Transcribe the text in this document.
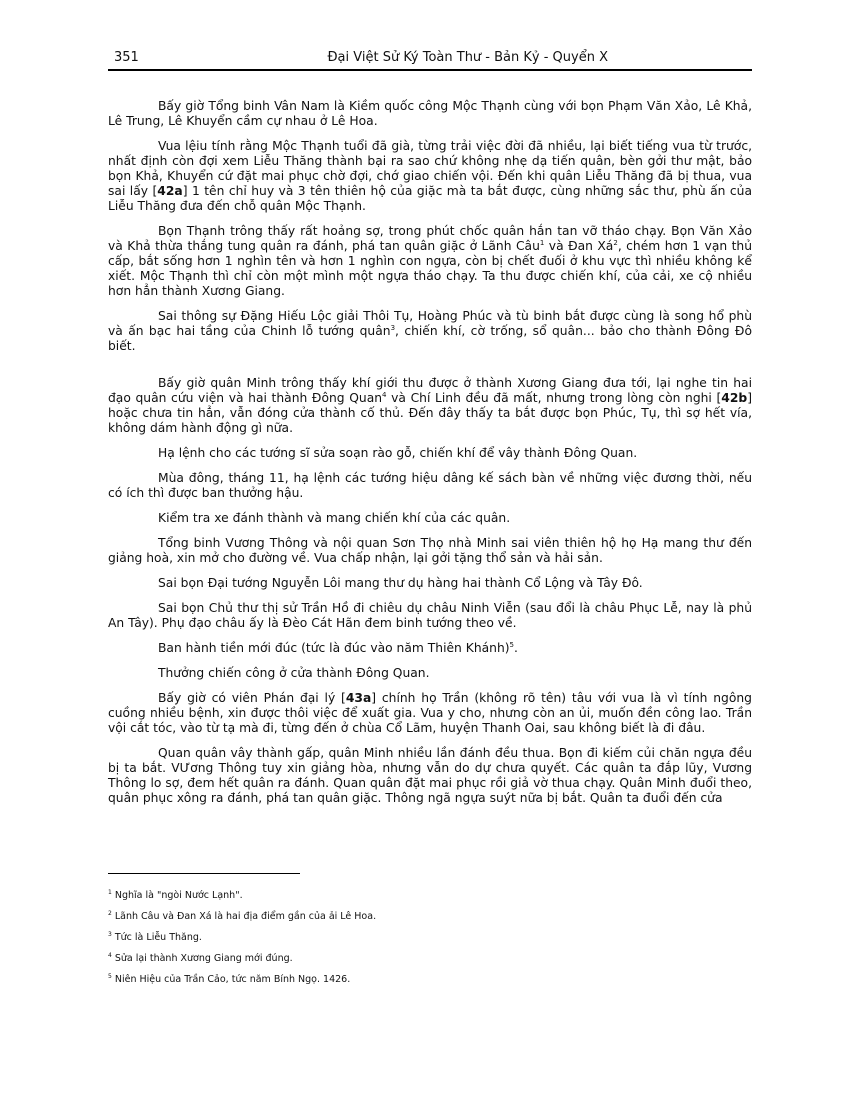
351	Đại Việt Sử Ký Toàn Thư - Bản Kỷ - Quyển X

Bấy giờ Tổng binh Vân Nam là Kiềm quốc công Mộc Thạnh cùng với bọn Phạm Văn Xảo, Lê Khả, Lê Trung, Lê Khuyển cầm cự nhau ở Lê Hoa.

Vua lệiu tính rằng Mộc Thạnh tuổi đã già, từng trải việc đời đã nhiều, lại biết tiếng vua từ trước, nhất định còn đợi xem Liễu Thăng thành bại ra sao chứ không nhẹ dạ tiến quân, bèn gởi thư mật, bảo bọn Khả, Khuyển cứ đặt mai phục chờ đợi, chớ giao chiến vội. Đến khi quân Liễu Thăng đã bị thua, vua sai lấy [42a] 1 tên chỉ huy và 3 tên thiên hộ của giặc mà ta bắt được, cùng những sắc thư, phù ấn của Liễu Thăng đưa đến chỗ quân Mộc Thạnh.

Bọn Thạnh trông thấy rất hoảng sợ, trong phút chốc quân hắn tan vỡ tháo chạy. Bọn Văn Xảo và Khả thừa thắng tung quân ra đánh, phá tan quân giặc ở Lãnh Câu$^1$ và Đan $Xá^2$, chém hơn 1 vạn thủ cấp, bắt sống hơn 1 nghìn tên và hơn 1 nghìn con ngựa, còn bị chết đuối ở khu vực thì nhiều không kể xiết. Mộc Thạnh thì chỉ còn một mình một ngựa tháo chạy. Ta thu được chiến khí, của cải, xe cộ nhiều hơn hẳn thành Xương Giang.

Sai thông sự Đặng Hiếu Lộc giải Thôi Tụ, Hoàng Phúc và tù binh bắt được cùng là song hổ phù và ấn bạc hai tầng của Chinh lỗ tướng quân$^3$, chiến khí, cờ trống, sổ quân... bảo cho thành Đông Đô biết.

Bấy giờ quân Minh trông thấy khí giới thu được ở thành Xương Giang đưa tới, lại nghe tin hai đạo quân cứu viện và hai thành Đông Quan$^4$ và Chí Linh đều đã mất, nhưng trong lòng còn nghi [42b] hoặc chưa tin hẳn, vẫn đóng cửa thành cố thủ. Đến đây thấy ta bắt được bọn Phúc, Tụ, thì sợ hết vía, không dám hành động gì nữa.

Hạ lệnh cho các tướng sĩ sửa soạn rào gỗ, chiến khí để vây thành Đông Quan.

Mùa đông, tháng 11, hạ lệnh các tướng hiệu dâng kế sách bàn về những việc đương thời, nếu có ích thì được ban thưởng hậu.

Kiểm tra xe đánh thành và mang chiến khí của các quân.

Tổng binh Vương Thông và nội quan Sơn Thọ nhà Minh sai viên thiên hộ họ Hạ mang thư đến giảng hoà, xin mở cho đường về. Vua chấp nhận, lại gởi tặng thổ sản và hải sản.

Sai bọn Đại tướng Nguyễn Lôi mang thư dụ hàng hai thành Cổ Lộng và Tây Đô.

Sai bọn Chủ thư thị sử Trần Hồ đi chiêu dụ châu Ninh Viễn (sau đổi là châu Phục Lễ, nay là phủ An Tây). Phụ đạo châu ấy là Đèo Cát Hãn đem binh tướng theo về.

Ban hành tiền mới đúc (tức là đúc vào năm Thiên Khánh)$^5$.

Thưởng chiến công ở cửa thành Đông Quan.

Bấy giờ có viên Phán đại lý [43a] chính họ Trần (không rõ tên) tâu với vua là vì tính ngông cuồng nhiều bệnh, xin được thôi việc để xuất gia. Vua y cho, nhưng còn an ủi, muốn đền công lao. Trần vội cắt tóc, vào từ tạ mà đi, từng đến ở chùa Cổ Lãm, huyện Thanh Oai, sau không biết là đi đâu.

Quan quân vây thành gấp, quân Minh nhiều lần đánh đều thua. Bọn đi kiếm củi chăn ngựa đều bị ta bắt. VƯơng Thông tuy xin giảng hòa, nhưng vẫn do dự chưa quyết. Các quân ta đắp lũy, Vương Thông lo sợ, đem hết quân ra đánh. Quan quân đặt mai phục rồi giả vờ thua chạy. Quân Minh đuổi theo, quân phục xông ra đánh, phá tan quân giặc. Thông ngã ngựa suýt nữa bị bắt. Quân ta đuổi đến cửa

$^1$ Nghĩa là "ngòi Nước Lạnh".
$^2$ Lãnh Câu và Đan Xá là hai địa điểm gần của ải Lê Hoa.
$^3$ Tức là Liễu Thăng.
$^4$ Sửa lại thành Xương Giang mới đúng.
$^5$ Niên Hiệu của Trần Cảo, tức năm Bính Ngọ. 1426.
